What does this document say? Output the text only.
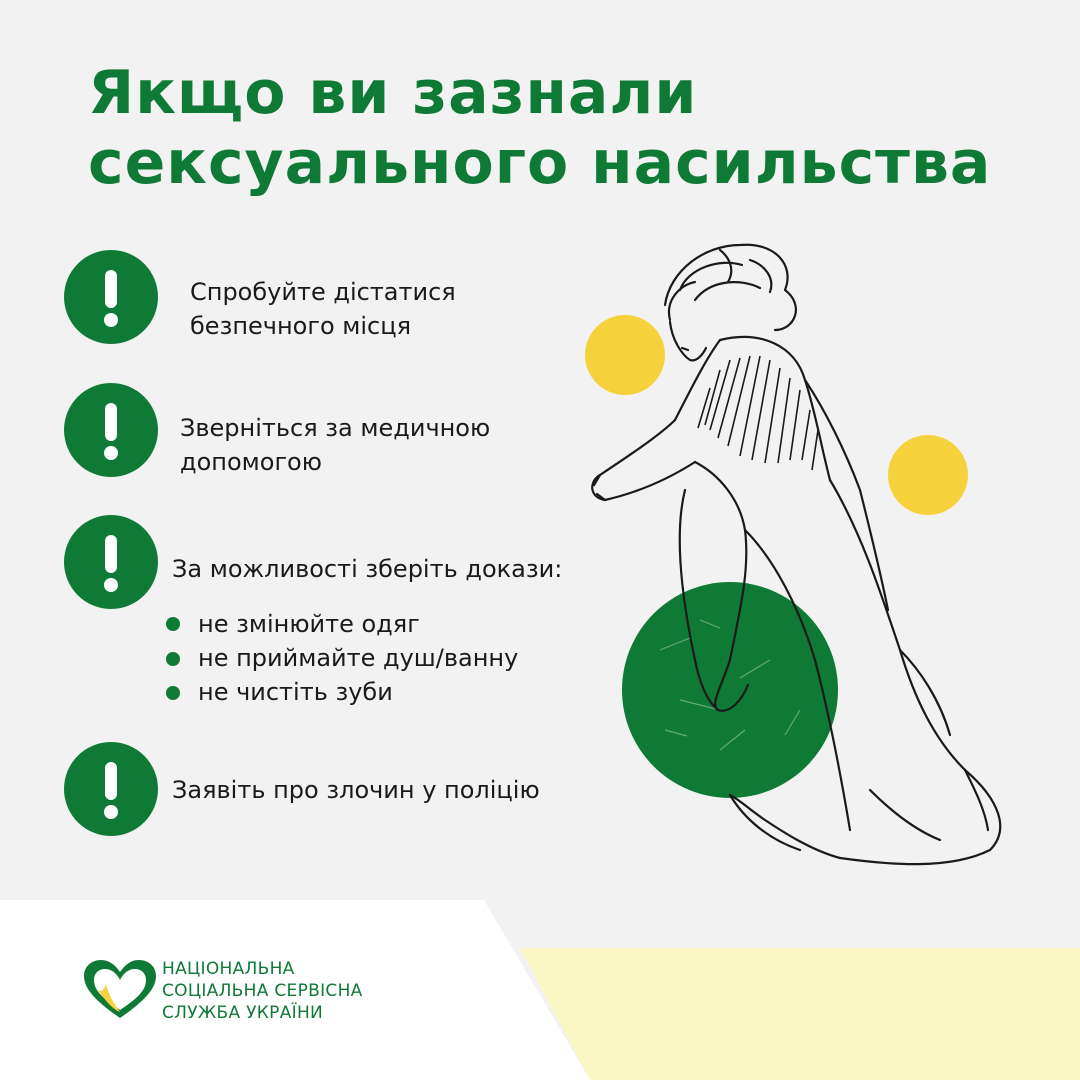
Якщо ви зазнали
сексуального насильства
Спробуйте дістатися
безпечного місця
Зверніться за медичною
допомогою
За можливості зберіть докази:
не змінюйте одяг
не приймайте душ/ванну
не чистіть зуби
Заявіть про злочин у поліцію
НАЦІОНАЛЬНА
СОЦІАЛЬНА СЕРВІСНА
СЛУЖБА УКРАЇНИ
